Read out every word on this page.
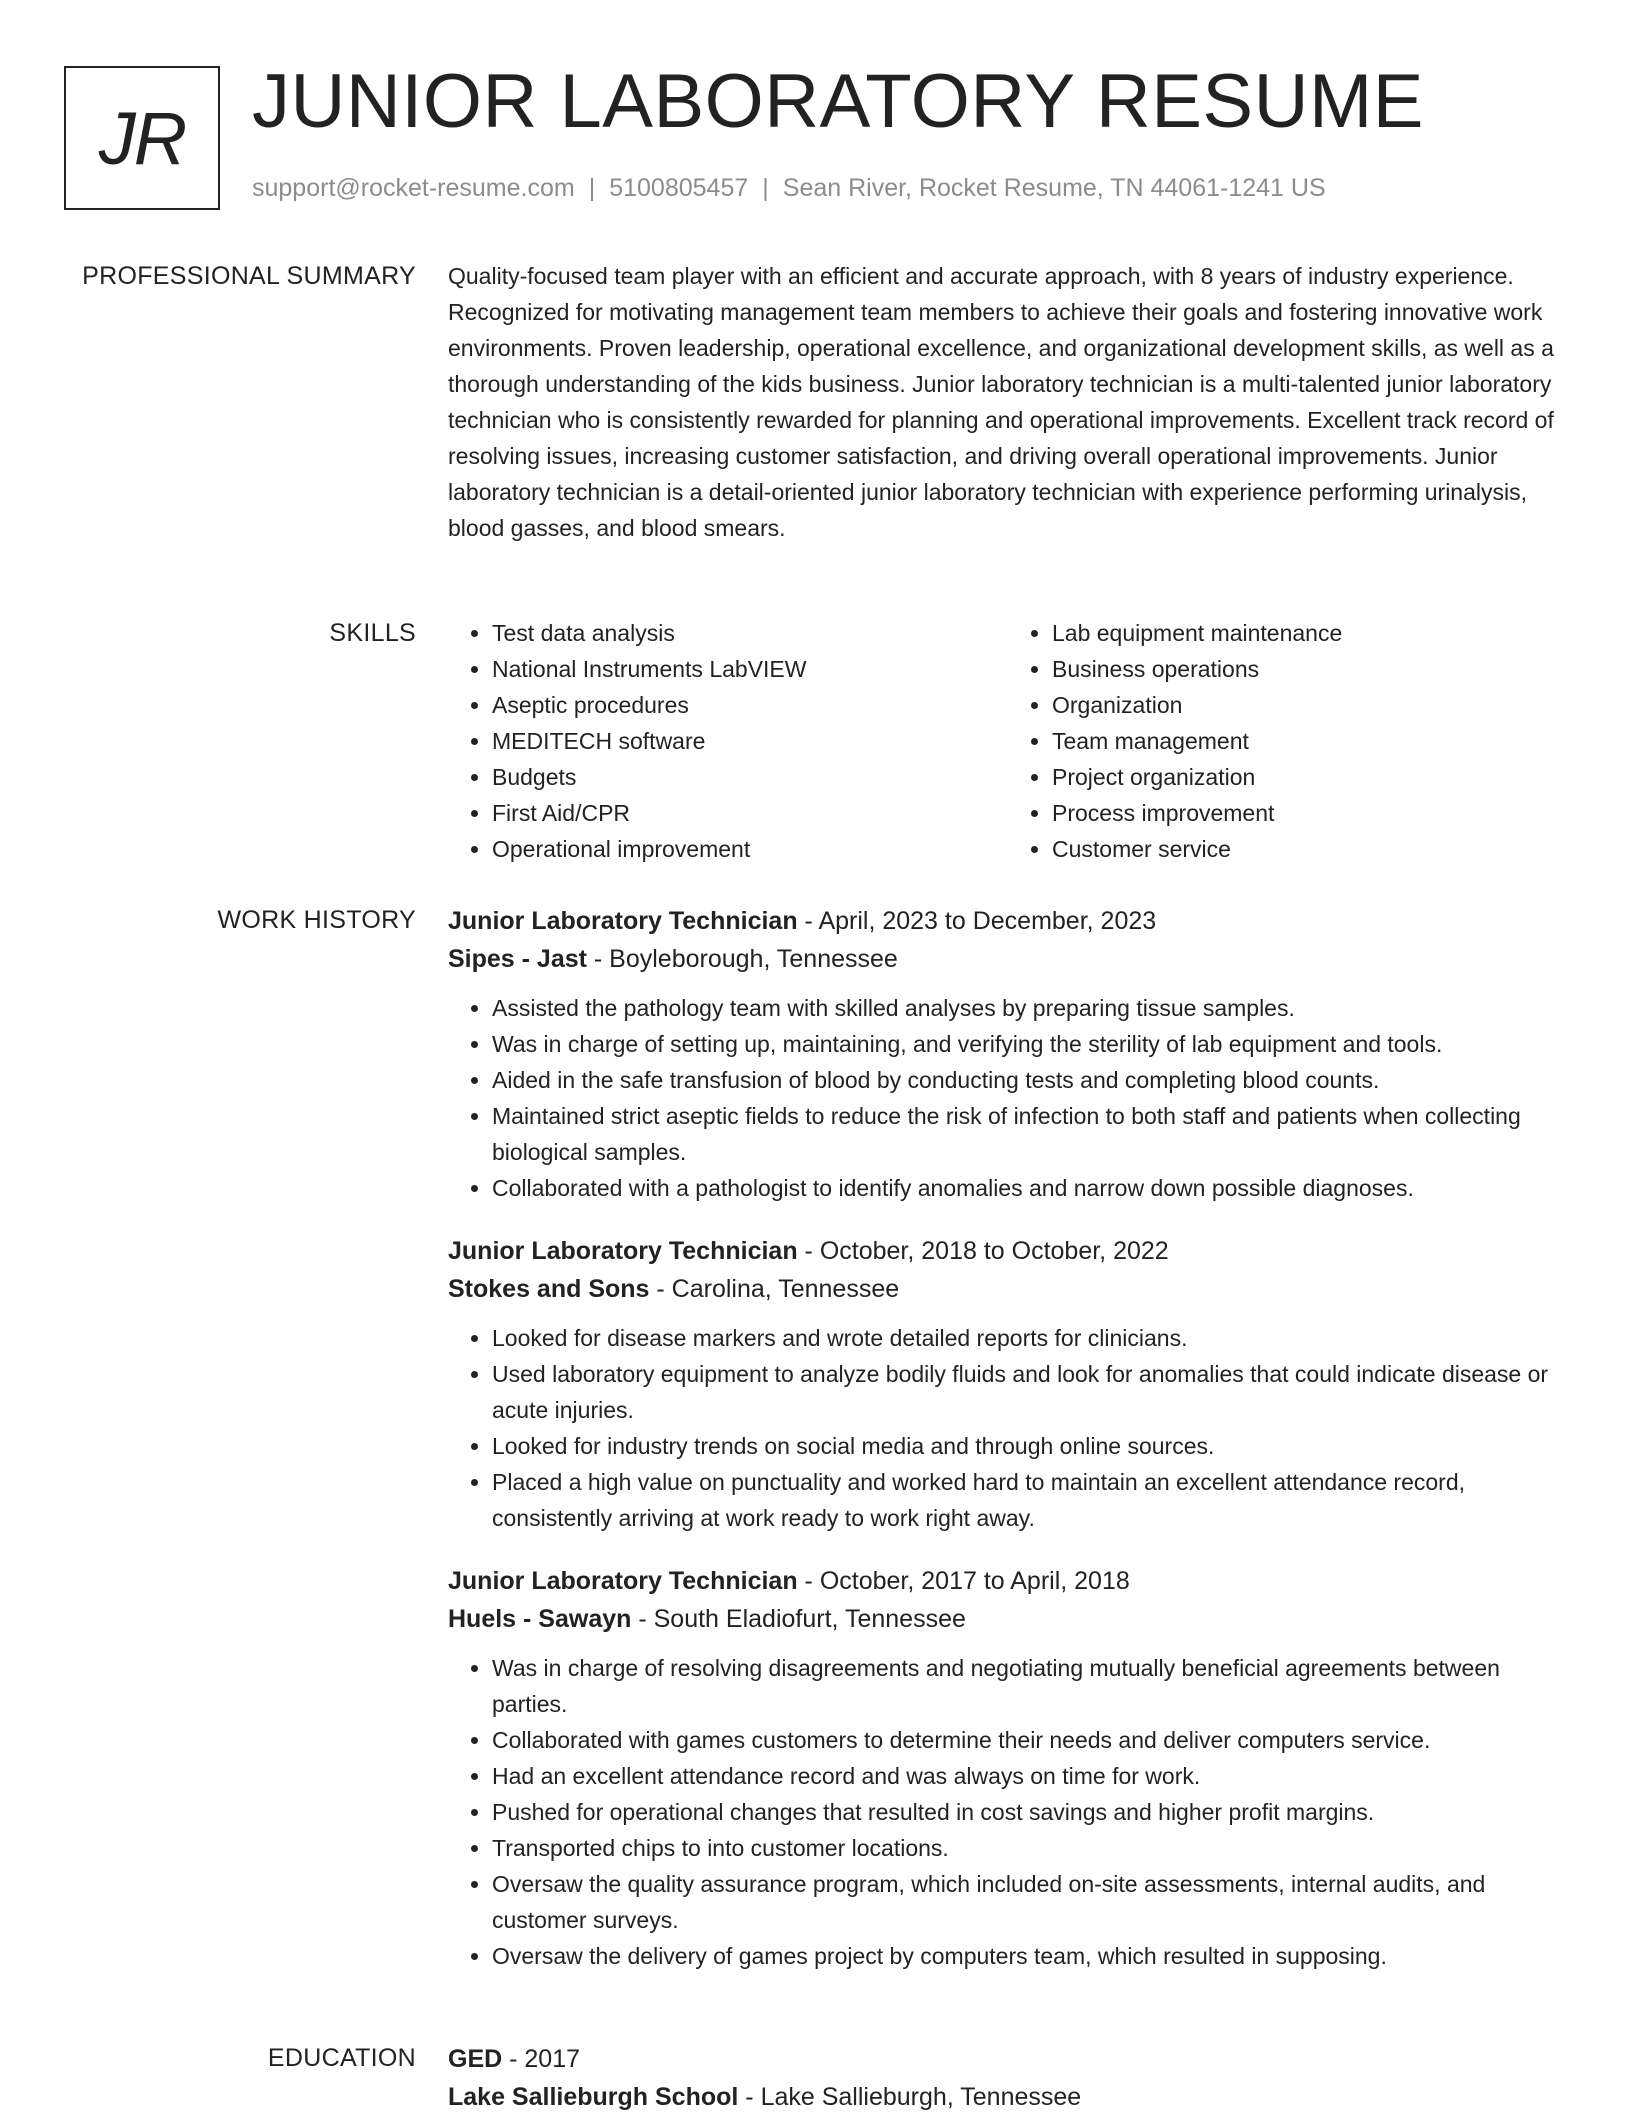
JR JUNIOR LABORATORY RESUME
support@rocket-resume.com | 5100805457 | Sean River, Rocket Resume, TN 44061-1241 US
PROFESSIONAL SUMMARY Quality-focused team player with an efficient and accurate approach, with 8 years of industry experience. Recognized for motivating management team members to achieve their goals and fostering innovative work environments. Proven leadership, operational excellence, and organizational development skills, as well as a thorough understanding of the kids business. Junior laboratory technician is a multi-talented junior laboratory technician who is consistently rewarded for planning and operational improvements. Excellent track record of resolving issues, increasing customer satisfaction, and driving overall operational improvements. Junior laboratory technician is a detail-oriented junior laboratory technician with experience performing urinalysis, blood gasses, and blood smears.

SKILLS
•	Test data analysis
• National Instruments LabVIEW
• Aseptic procedures
• MEDITECH software
• Budgets
• First Aid/CPR
• Operational improvement
• Lab equipment maintenance
• Business operations
• Organization
• Team management
• Project organization
• Process improvement
• Customer service
WORK HISTORY Junior Laboratory Technician - April, 2023 to December, 2023
Sipes - Jast - Boyleborough, Tennessee
• Assisted the pathology team with skilled analyses by preparing tissue samples.
• Was in charge of setting up, maintaining, and verifying the sterility of lab equipment and tools.
• Aided in the safe transfusion of blood by conducting tests and completing blood counts.
• Maintained strict aseptic fields to reduce the risk of infection to both staff and patients when collecting biological samples.
• Collaborated with a pathologist to identify anomalies and narrow down possible diagnoses.
Junior Laboratory Technician - October, 2018 to October, 2022
Stokes and Sons - Carolina, Tennessee
• Looked for disease markers and wrote detailed reports for clinicians.
• Used laboratory equipment to analyze bodily fluids and look for anomalies that could indicate disease or acute injuries.
• Looked for industry trends on social media and through online sources.
• Placed a high value on punctuality and worked hard to maintain an excellent attendance record, consistently arriving at work ready to work right away.
Junior Laboratory Technician - October, 2017 to April, 2018
Huels - Sawayn - South Eladiofurt, Tennessee
• Was in charge of resolving disagreements and negotiating mutually beneficial agreements between parties.
• Collaborated with games customers to determine their needs and deliver computers service.
• Had an excellent attendance record and was always on time for work.
• Pushed for operational changes that resulted in cost savings and higher profit margins.
• Transported chips to into customer locations.
• Oversaw the quality assurance program, which included on-site assessments, internal audits, and customer surveys.
• Oversaw the delivery of games project by computers team, which resulted in supposing.
EDUCATION GED - 2017
Lake Sallieburgh School - Lake Sallieburgh, Tennessee
